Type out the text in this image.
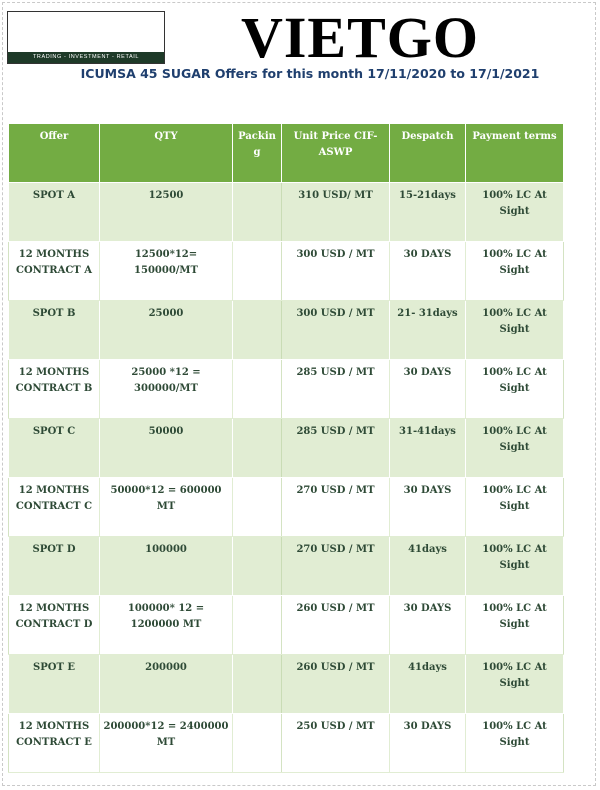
TRADING - INVESTMENT - RETAIL	VIETGO
ICUMSA 45 SUGAR Offers for this month 17/11/2020 to 17/1/2021
Offer	QTY	Packin g	Unit Price CIF- ASWP	Despatch	Payment terms
SPOT A	12500		310 USD/ MT	15-21days	100% LC At Sight
12 MONTHS CONTRACT A	12500*12= 150000/MT		300 USD / MT	30 DAYS	100% LC At Sight
SPOT B	25000		300 USD / MT	21- 31days	100% LC At Sight
12 MONTHS CONTRACT B	25000 *12 = 300000/MT		285 USD / MT	30 DAYS	100% LC At Sight
SPOT C	50000		285 USD / MT	31-41days	100% LC At Sight
12 MONTHS CONTRACT C	50000*12 = 600000 MT		270 USD / MT	30 DAYS	100% LC At Sight
SPOT D	100000		270 USD / MT	41days	100% LC At Sight
12 MONTHS CONTRACT D	100000* 12 = 1200000 MT		260 USD / MT	30 DAYS	100% LC At Sight
SPOT E	200000		260 USD / MT	41days	100% LC At Sight
12 MONTHS CONTRACT E	200000*12 = 2400000 MT		250 USD / MT	30 DAYS	100% LC At Sight
